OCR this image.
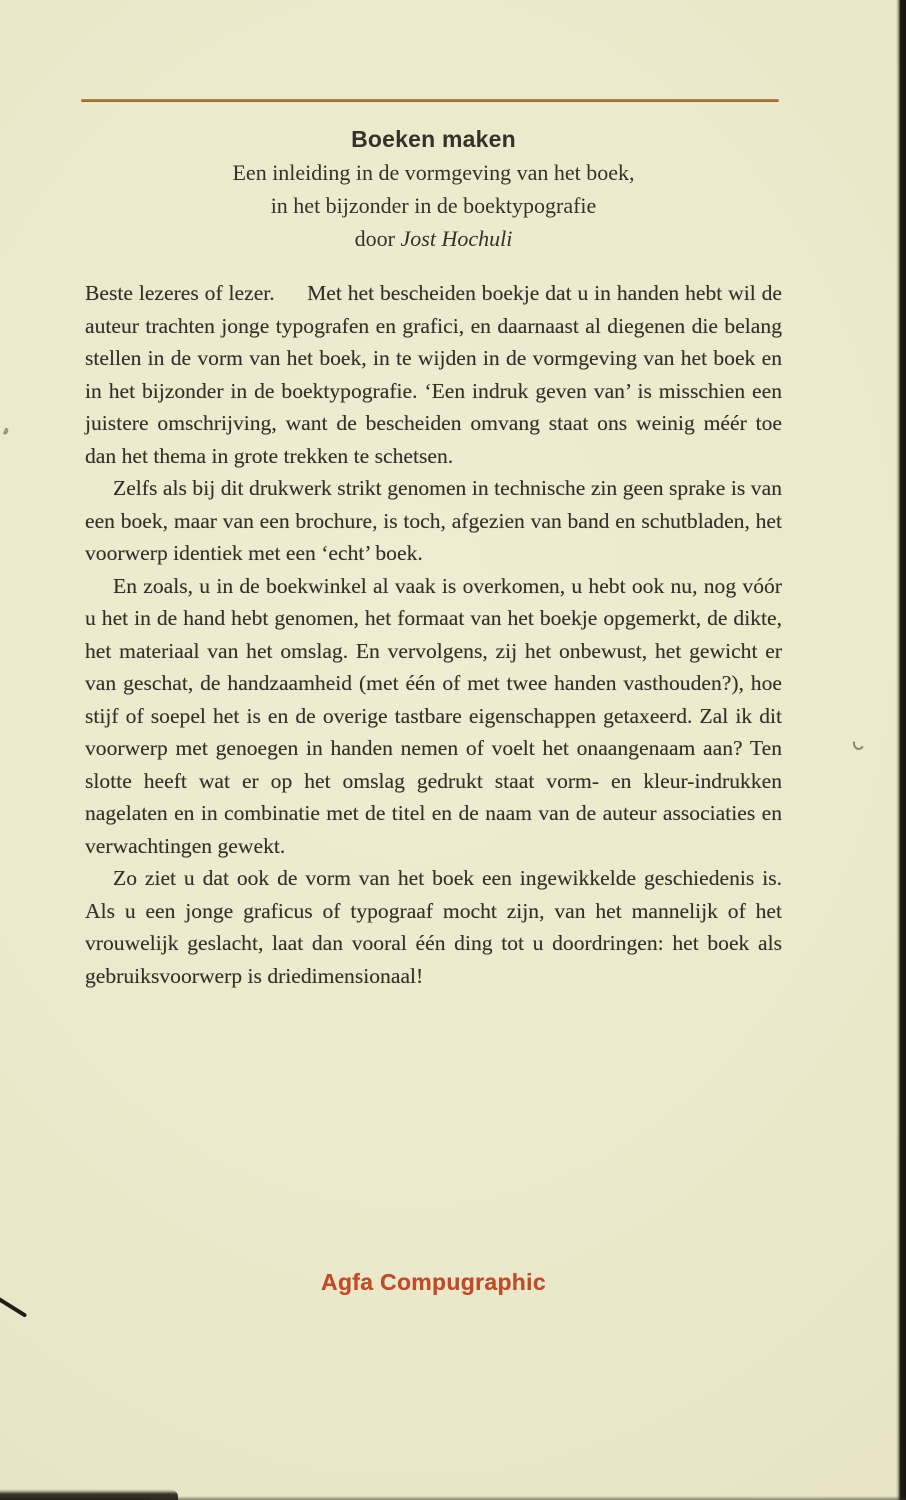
Boeken maken
Een inleiding in de vormgeving van het boek,
in het bijzonder in de boektypografie
door Jost Hochuli

Beste lezeres of lezer.  Met het bescheiden boekje dat u in handen hebt wil de auteur trachten jonge typografen en grafici, en daarnaast al diegenen die belang stellen in de vorm van het boek, in te wijden in de vormgeving van het boek en in het bijzonder in de boektypografie. ‘Een indruk geven van’ is misschien een juistere omschrijving, want de bescheiden omvang staat ons weinig méér toe dan het thema in grote trekken te schetsen.

Zelfs als bij dit drukwerk strikt genomen in technische zin geen sprake is van een boek, maar van een brochure, is toch, afgezien van band en schutbladen, het voorwerp identiek met een ‘echt’ boek.

En zoals, u in de boekwinkel al vaak is overkomen, u hebt ook nu, nog vóór u het in de hand hebt genomen, het formaat van het boekje opgemerkt, de dikte, het materiaal van het omslag. En vervolgens, zij het onbewust, het gewicht er van geschat, de handzaamheid (met één of met twee handen vasthouden?), hoe stijf of soepel het is en de overige tastbare eigenschappen getaxeerd. Zal ik dit voorwerp met genoegen in handen nemen of voelt het onaangenaam aan? Ten slotte heeft wat er op het omslag gedrukt staat vorm- en kleur-indrukken nagelaten en in combinatie met de titel en de naam van de auteur associaties en verwachtingen gewekt.

Zo ziet u dat ook de vorm van het boek een ingewikkelde geschiedenis is. Als u een jonge graficus of typograaf mocht zijn, van het mannelijk of het vrouwelijk geslacht, laat dan vooral één ding tot u doordringen: het boek als gebruiksvoorwerp is driedimensionaal!

Agfa Compugraphic
